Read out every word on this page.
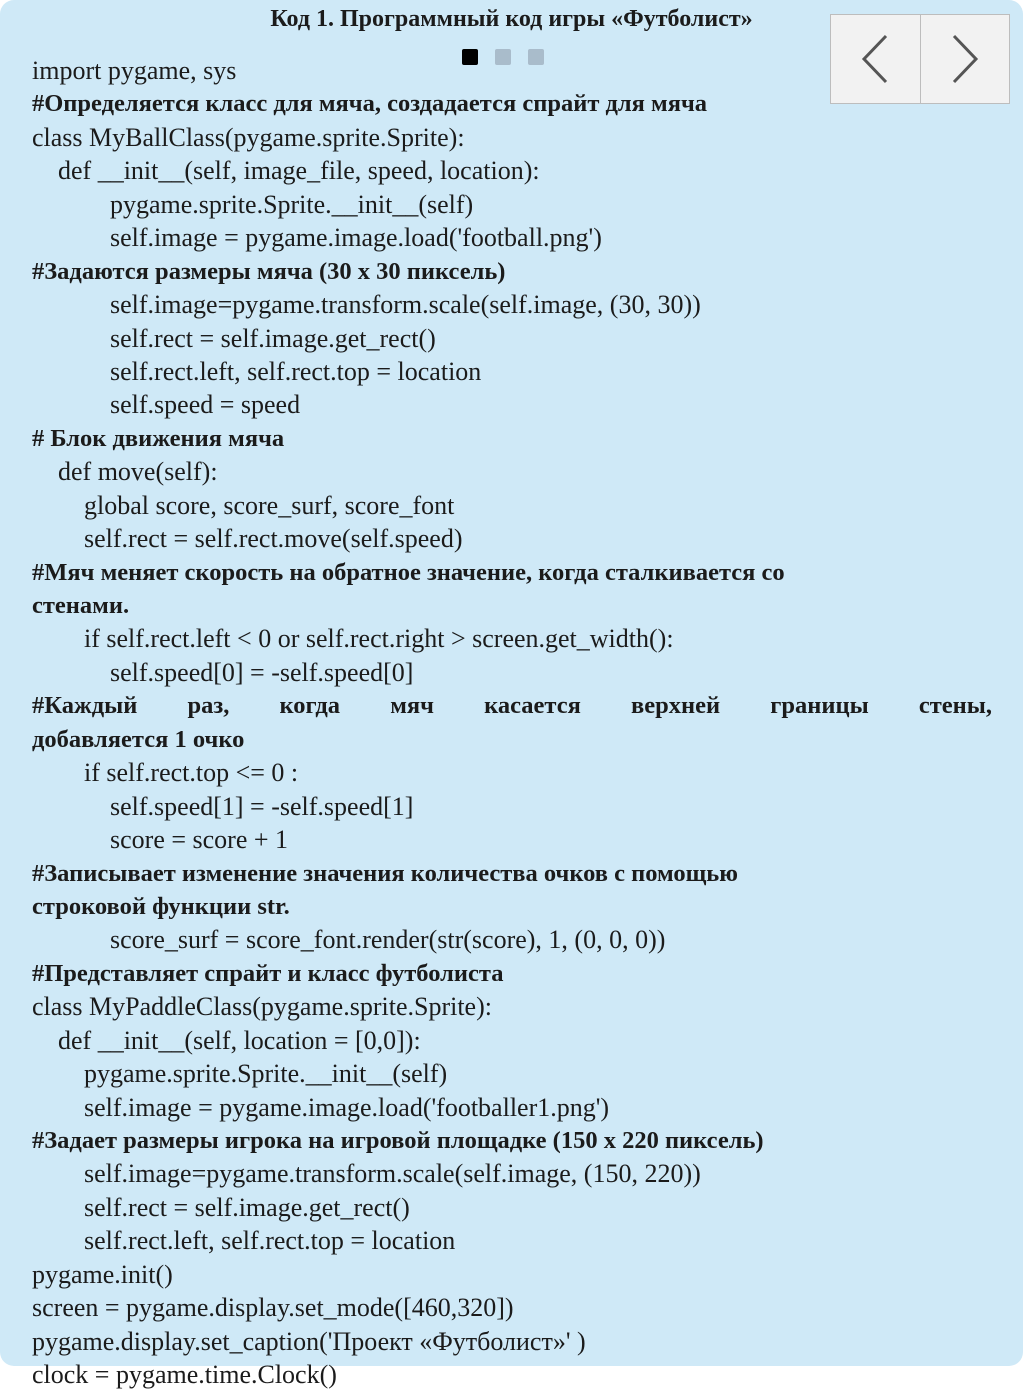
Код 1. Программный код игры «Футболист»
import pygame, sys
#Определяется класс для мяча, создадается спрайт для мяча
class MyBallClass(pygame.sprite.Sprite):
def __init__(self, image_file, speed, location):
pygame.sprite.Sprite.__init__(self)
self.image = pygame.image.load('football.png')
#Задаются размеры мяча (30 x 30 пиксель)
self.image=pygame.transform.scale(self.image, (30, 30))
self.rect = self.image.get_rect()
self.rect.left, self.rect.top = location
self.speed = speed
# Блок движения мяча
def move(self):
global score, score_surf, score_font
self.rect = self.rect.move(self.speed)
#Мяч меняет скорость на обратное значение, когда сталкивается со
стенами.
if self.rect.left < 0 or self.rect.right > screen.get_width():
self.speed[0] = -self.speed[0]
#Каждый раз, когда мяч касается верхней границы стены,
добавляется 1 очко
if self.rect.top <= 0 :
self.speed[1] = -self.speed[1]
score = score + 1
#Записывает изменение значения количества очков с помощью
строковой функции str.
score_surf = score_font.render(str(score), 1, (0, 0, 0))
#Представляет спрайт и класс футболиста
class MyPaddleClass(pygame.sprite.Sprite):
def __init__(self, location = [0,0]):
pygame.sprite.Sprite.__init__(self)
self.image = pygame.image.load('footballer1.png')
#Задает размеры игрока на игровой площадке (150 x 220 пиксель)
self.image=pygame.transform.scale(self.image, (150, 220))
self.rect = self.image.get_rect()
self.rect.left, self.rect.top = location
pygame.init()
screen = pygame.display.set_mode([460,320])
pygame.display.set_caption('Проект «Футболист»' )
clock = pygame.time.Clock()
